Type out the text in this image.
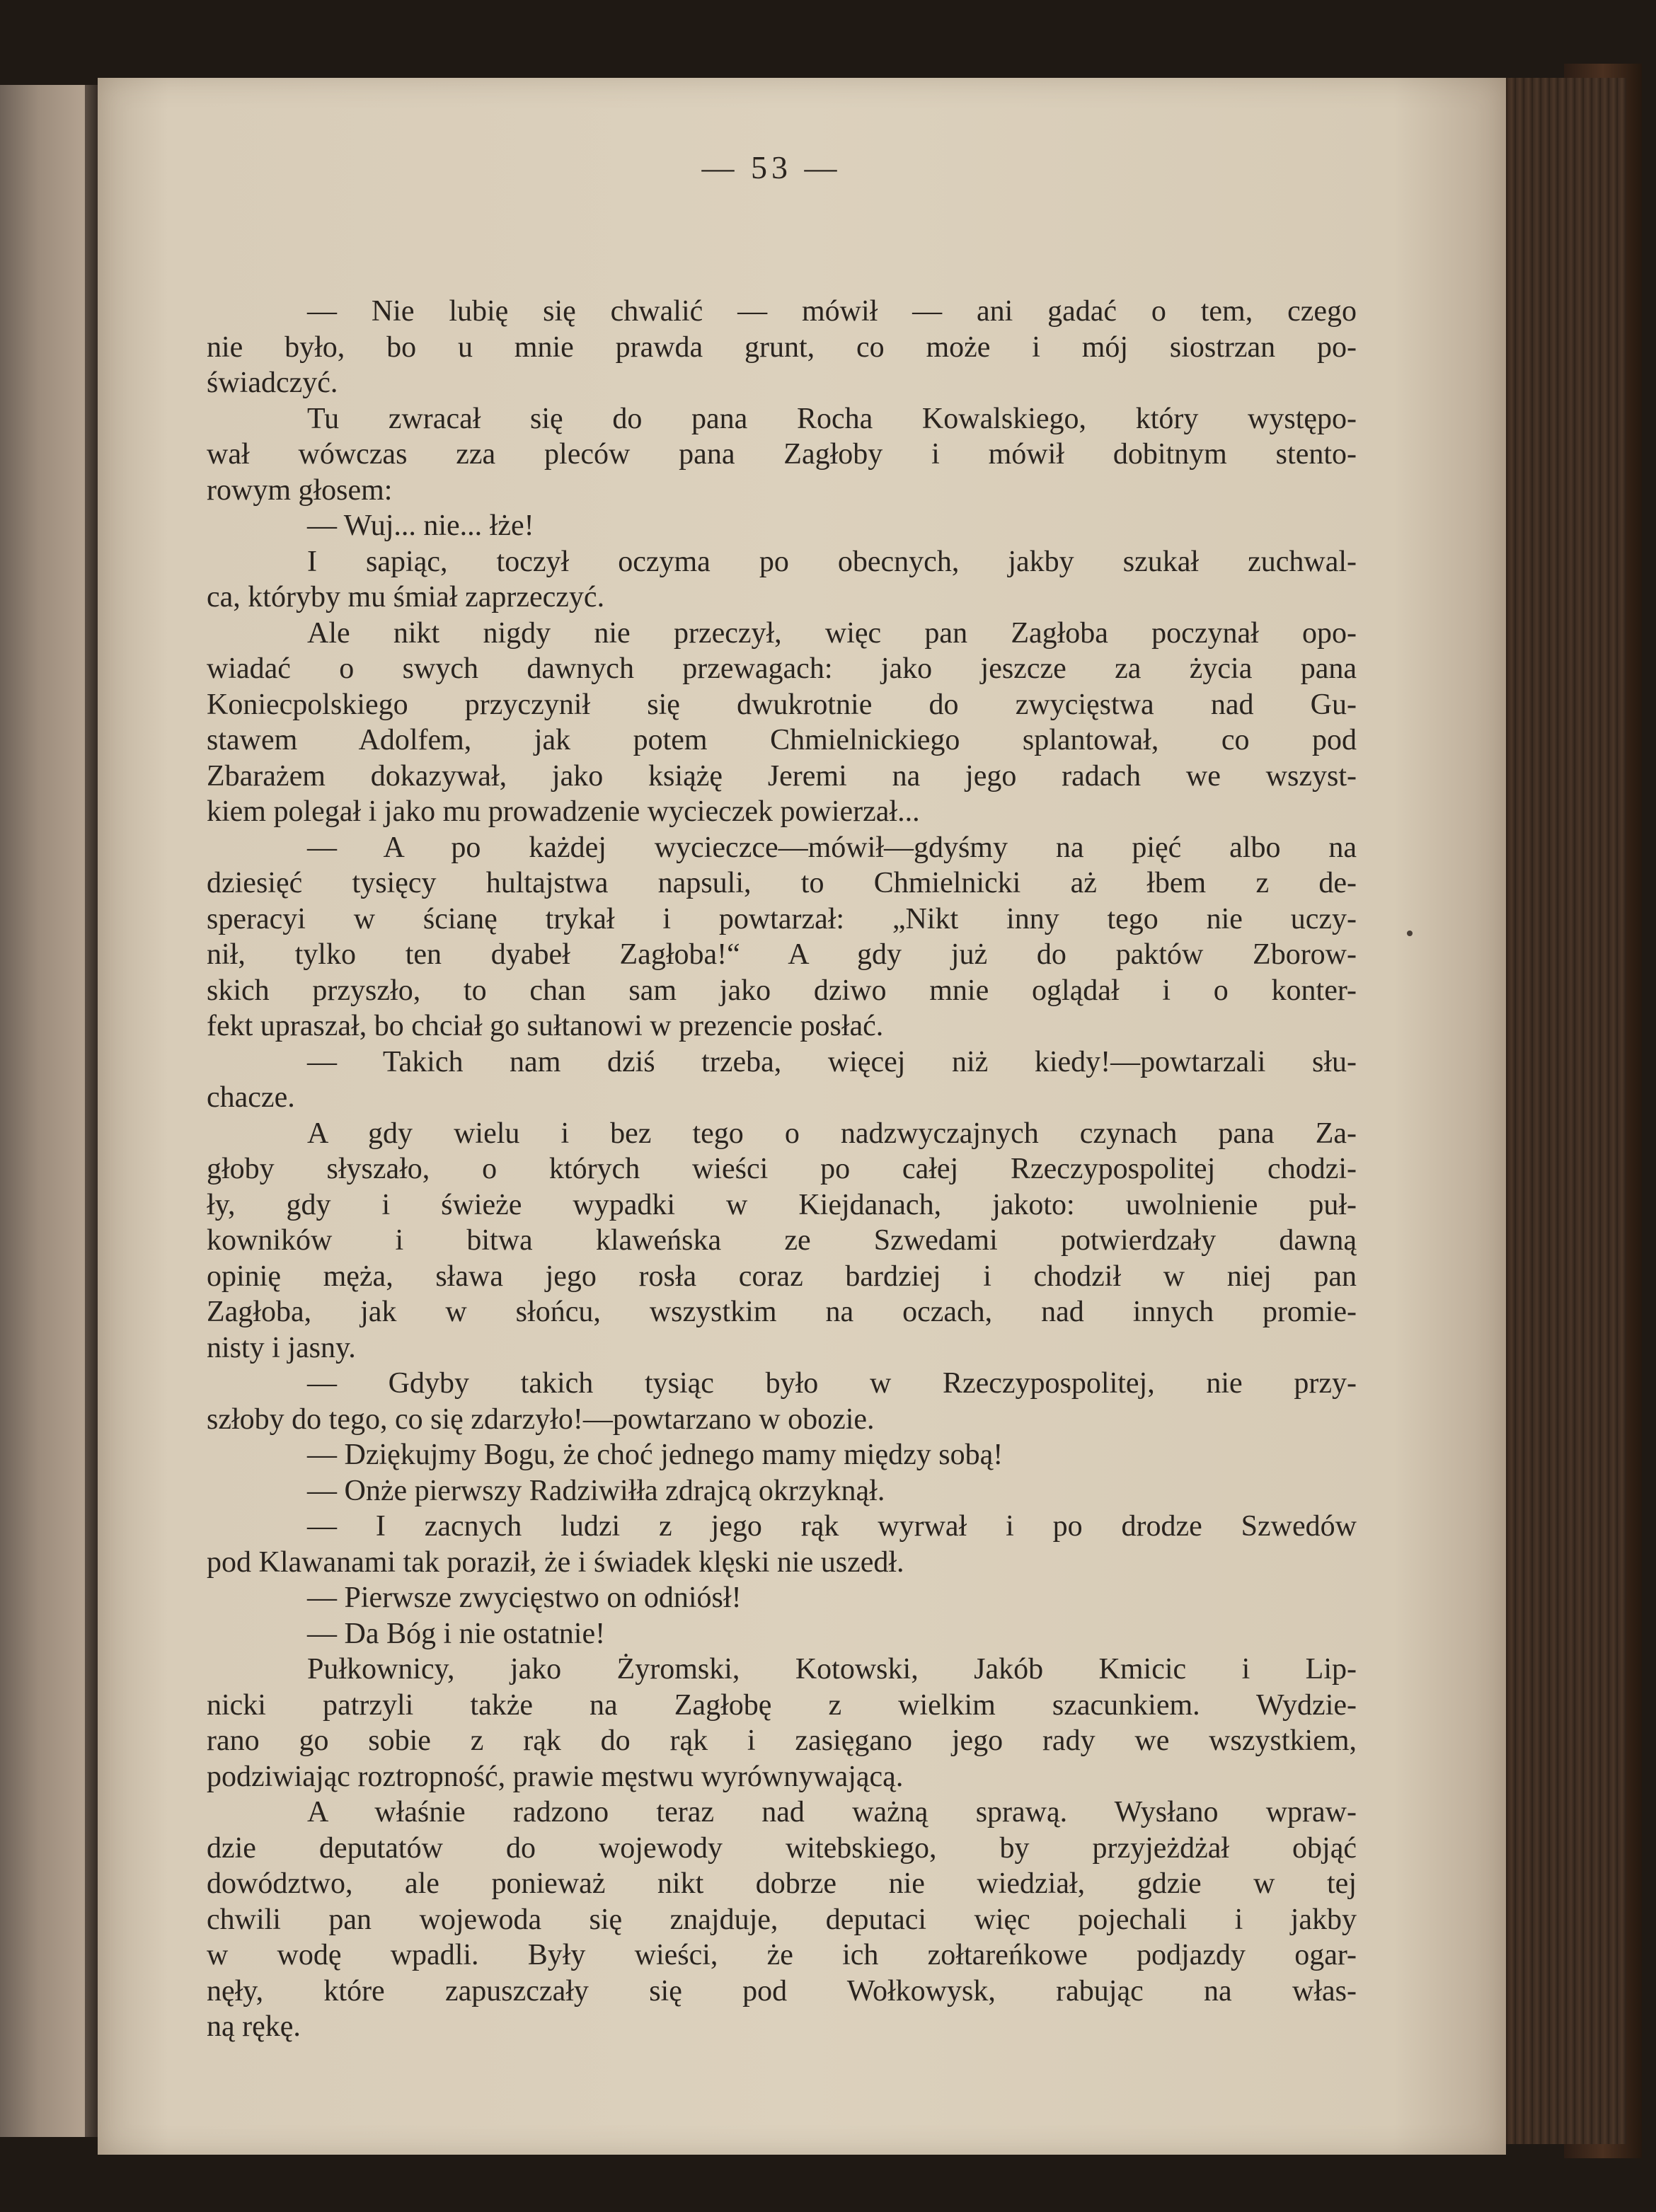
— 53 —
— Nie lubię się chwalić — mówił — ani gadać o tem, czego
nie było, bo u mnie prawda grunt, co może i mój siostrzan po-
świadczyć.
Tu zwracał się do pana Rocha Kowalskiego, który występo-
wał wówczas zza pleców pana Zagłoby i mówił dobitnym stento-
rowym głosem:
— Wuj... nie... łże!
I sapiąc, toczył oczyma po obecnych, jakby szukał zuchwal-
ca, któryby mu śmiał zaprzeczyć.
Ale nikt nigdy nie przeczył, więc pan Zagłoba poczynał opo-
wiadać o swych dawnych przewagach: jako jeszcze za życia pana
Koniecpolskiego przyczynił się dwukrotnie do zwycięstwa nad Gu-
stawem Adolfem, jak potem Chmielnickiego splantował, co pod
Zbarażem dokazywał, jako książę Jeremi na jego radach we wszyst-
kiem polegał i jako mu prowadzenie wycieczek powierzał...
— A po każdej wycieczce—mówił—gdyśmy na pięć albo na
dziesięć tysięcy hultajstwa napsuli, to Chmielnicki aż łbem z de-
speracyi w ścianę trykał i powtarzał: „Nikt inny tego nie uczy-
nił, tylko ten dyabeł Zagłoba!“ A gdy już do paktów Zborow-
skich przyszło, to chan sam jako dziwo mnie oglądał i o konter-
fekt upraszał, bo chciał go sułtanowi w prezencie posłać.
— Takich nam dziś trzeba, więcej niż kiedy!—powtarzali słu-
chacze.
A gdy wielu i bez tego o nadzwyczajnych czynach pana Za-
głoby słyszało, o których wieści po całej Rzeczypospolitej chodzi-
ły, gdy i świeże wypadki w Kiejdanach, jakoto: uwolnienie puł-
kowników i bitwa klaweńska ze Szwedami potwierdzały dawną
opinię męża, sława jego rosła coraz bardziej i chodził w niej pan
Zagłoba, jak w słońcu, wszystkim na oczach, nad innych promie-
nisty i jasny.
— Gdyby takich tysiąc było w Rzeczypospolitej, nie przy-
szłoby do tego, co się zdarzyło!—powtarzano w obozie.
— Dziękujmy Bogu, że choć jednego mamy między sobą!
— Onże pierwszy Radziwiłła zdrajcą okrzyknął.
— I zacnych ludzi z jego rąk wyrwał i po drodze Szwedów
pod Klawanami tak poraził, że i świadek klęski nie uszedł.
— Pierwsze zwycięstwo on odniósł!
— Da Bóg i nie ostatnie!
Pułkownicy, jako Żyromski, Kotowski, Jakób Kmicic i Lip-
nicki patrzyli także na Zagłobę z wielkim szacunkiem. Wydzie-
rano go sobie z rąk do rąk i zasięgano jego rady we wszystkiem,
podziwiając roztropność, prawie męstwu wyrównywającą.
A właśnie radzono teraz nad ważną sprawą. Wysłano wpraw-
dzie deputatów do wojewody witebskiego, by przyjeżdżał objąć
dowództwo, ale ponieważ nikt dobrze nie wiedział, gdzie w tej
chwili pan wojewoda się znajduje, deputaci więc pojechali i jakby
w wodę wpadli. Były wieści, że ich zołtareńkowe podjazdy ogar-
nęły, które zapuszczały się pod Wołkowysk, rabując na włas-
ną rękę.
